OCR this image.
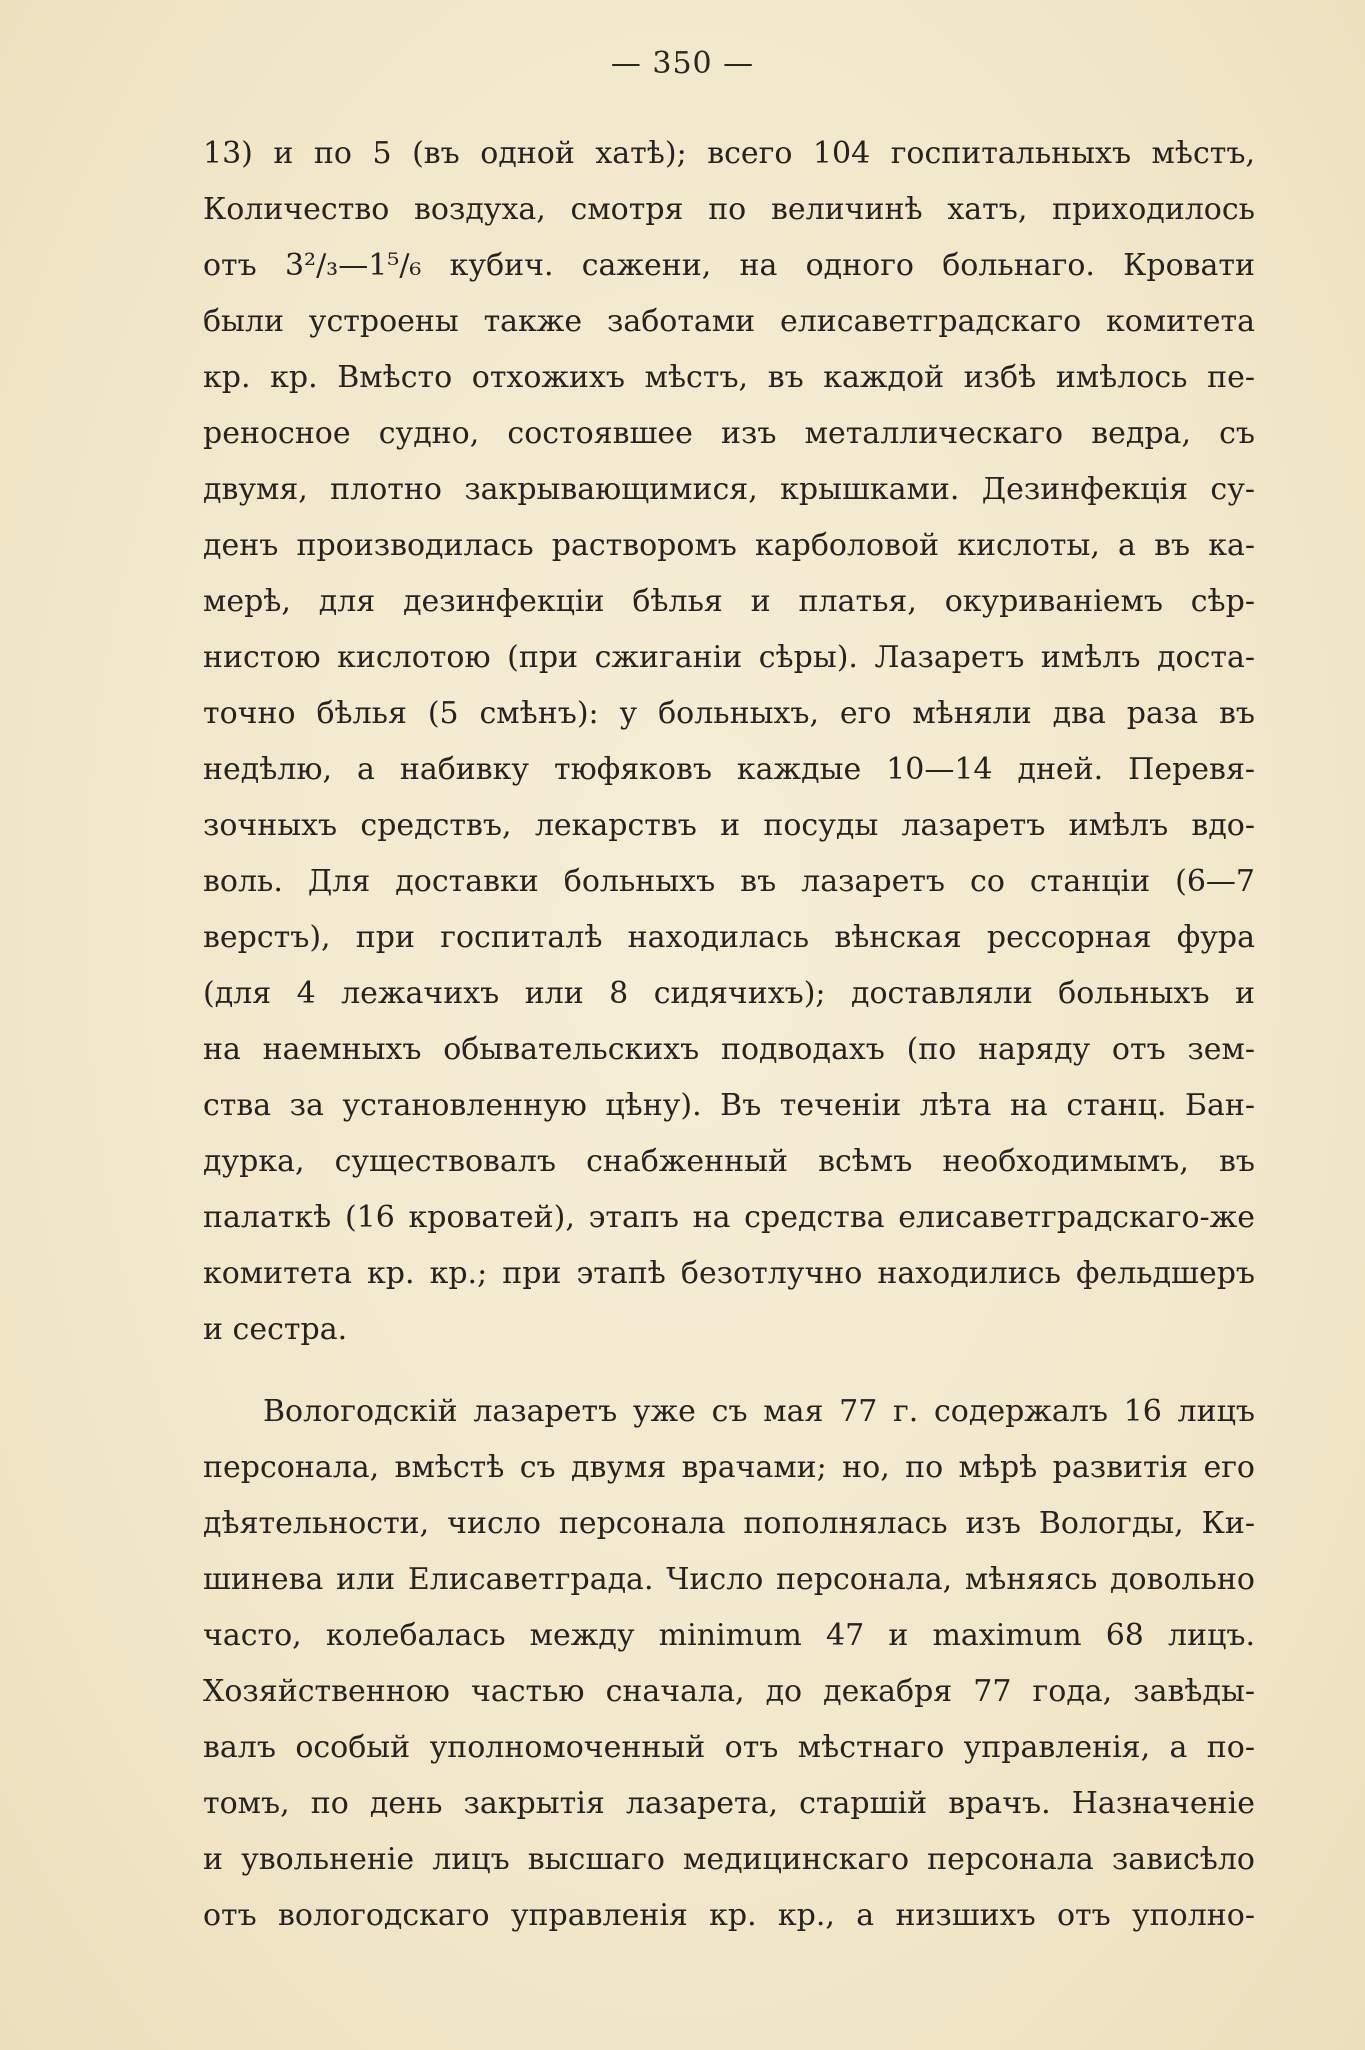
— 350 —
13) и по 5 (въ одной хатѣ); всего 104 госпитальныхъ мѣстъ,
Количество воздуха, смотря по величинѣ хатъ, приходилось
отъ 3²/₃—1⁵/₆ кубич. сажени, на одного больнаго. Кровати
были устроены также заботами елисаветградскаго комитета
кр. кр. Вмѣсто отхожихъ мѣстъ, въ каждой избѣ имѣлось пе-
реносное судно, состоявшее изъ металлическаго ведра, съ
двумя, плотно закрывающимися, крышками. Дезинфекція су-
денъ производилась растворомъ карболовой кислоты, а въ ка-
мерѣ, для дезинфекціи бѣлья и платья, окуриваніемъ сѣр-
нистою кислотою (при сжиганіи сѣры). Лазаретъ имѣлъ доста-
точно бѣлья (5 смѣнъ): у больныхъ, его мѣняли два раза въ
недѣлю, а набивку тюфяковъ каждые 10—14 дней. Перевя-
зочныхъ средствъ, лекарствъ и посуды лазаретъ имѣлъ вдо-
воль. Для доставки больныхъ въ лазаретъ со станціи (6—7
верстъ), при госпиталѣ находилась вѣнская рессорная фура
(для 4 лежачихъ или 8 сидячихъ); доставляли больныхъ и
на наемныхъ обывательскихъ подводахъ (по наряду отъ зем-
ства за установленную цѣну). Въ теченіи лѣта на станц. Бан-
дурка, существовалъ снабженный всѣмъ необходимымъ, въ
палаткѣ (16 кроватей), этапъ на средства елисаветградскаго-же
комитета кр. кр.; при этапѣ безотлучно находились фельдшеръ
и сестра.
Вологодскій лазаретъ уже съ мая 77 г. содержалъ 16 лицъ
персонала, вмѣстѣ съ двумя врачами; но, по мѣрѣ развитія его
дѣятельности, число персонала пополнялась изъ Вологды, Ки-
шинева или Елисаветграда. Число персонала, мѣняясь довольно
часто, колебалась между minimum 47 и maximum 68 лицъ.
Хозяйственною частью сначала, до декабря 77 года, завѣды-
валъ особый уполномоченный отъ мѣстнаго управленія, а по-
томъ, по день закрытія лазарета, старшій врачъ. Назначеніе
и увольненіе лицъ высшаго медицинскаго персонала зависѣло
отъ вологодскаго управленія кр. кр., а низшихъ отъ уполно-
